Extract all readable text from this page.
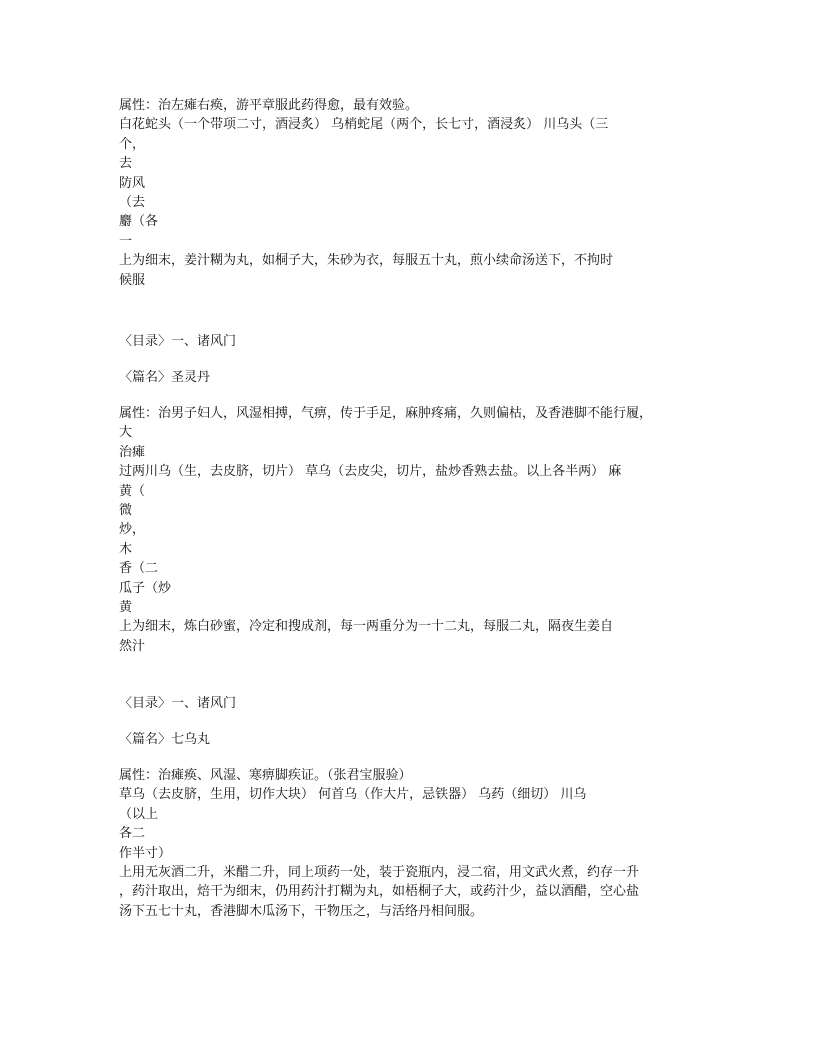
属性：治左瘫右痪，游平章服此药得愈，最有效验。
白花蛇头（一个带项二寸，酒浸炙） 乌梢蛇尾（两个，长七寸，酒浸炙） 川乌头（三
个，
去
防风
（去
麝（各
一
上为细末，姜汁糊为丸，如桐子大，朱砂为衣，每服五十丸，煎小续命汤送下，不拘时
候服
〈目录〉一、诸风门
〈篇名〉圣灵丹
属性：治男子妇人，风湿相搏，气痹，传于手足，麻肿疼痛，久则偏枯，及香港脚不能行履，
大
治瘫
过两川乌（生，去皮脐，切片） 草乌（去皮尖，切片，盐炒香熟去盐。以上各半两） 麻
黄（
微
炒，
木
香（二
瓜子（炒
黄
上为细末，炼白砂蜜，冷定和搜成剂，每一两重分为一十二丸，每服二丸，隔夜生姜自
然汁
〈目录〉一、诸风门
〈篇名〉七乌丸
属性：治瘫痪、风湿、寒痹脚疾证。（张君宝服验）
草乌（去皮脐，生用，切作大块） 何首乌（作大片，忌铁器） 乌药（细切） 川乌
（以上
各二
作半寸）
上用无灰酒二升，米醋二升，同上项药一处，装于瓷瓶内，浸二宿，用文武火煮，约存一升
，药汁取出，焙干为细末，仍用药汁打糊为丸，如梧桐子大，或药汁少，益以酒醋，空心盐
汤下五七十丸，香港脚木瓜汤下，干物压之，与活络丹相间服。
